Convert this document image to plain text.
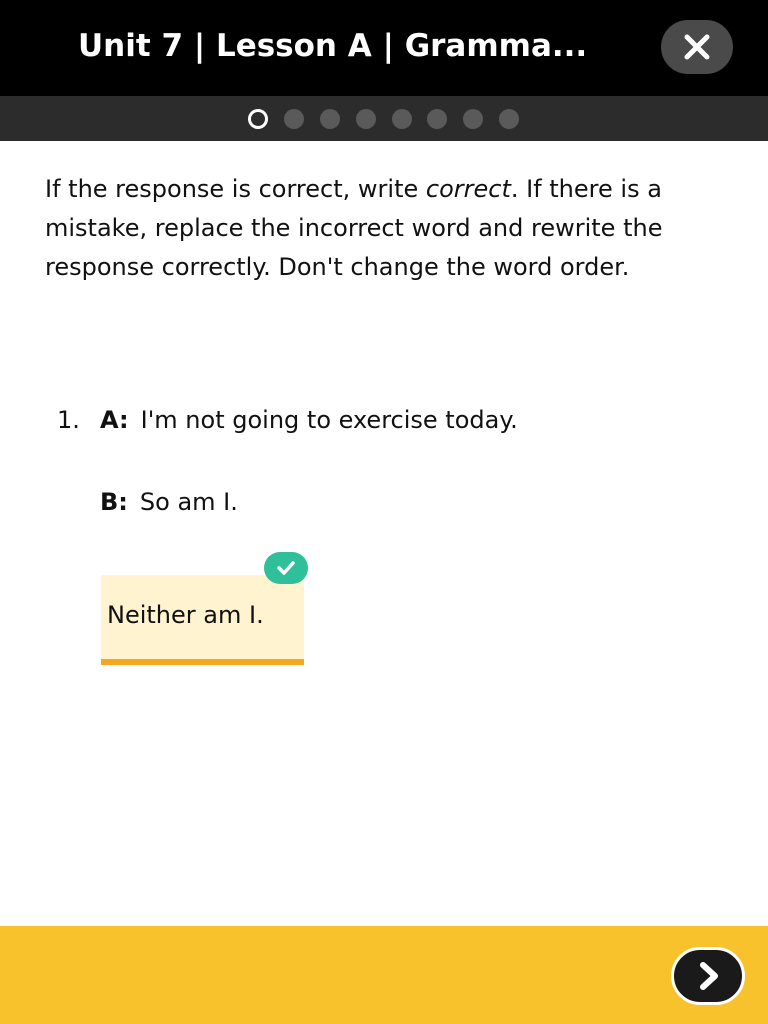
Unit 7 | Lesson A | Gramma...

If the response is correct, write correct. If there is a mistake, replace the incorrect word and rewrite the response correctly. Don't change the word order.

1. A: I'm not going to exercise today.
B: So am I.
Neither am I.
